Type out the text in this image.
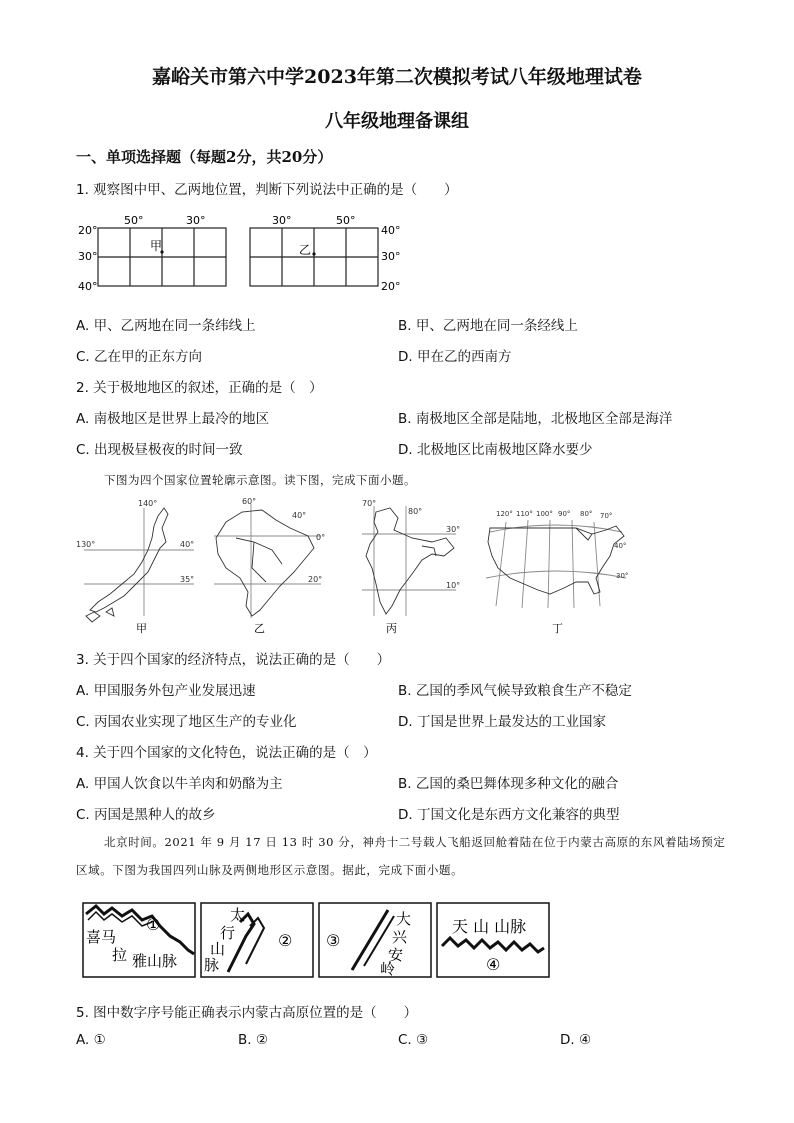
嘉峪关市第六中学2023年第二次模拟考试八年级地理试卷
八年级地理备课组
一、单项选择题（每题2分，共20分）
1. 观察图中甲、乙两地位置，判断下列说法中正确的是（　　）
50°	30°
20°
30°
40°
甲
30°	50°
40°
30°
20°
乙
A. 甲、乙两地在同一条纬线上	B. 甲、乙两地在同一条经线上
C. 乙在甲的正东方向	D. 甲在乙的西南方
2. 关于极地地区的叙述，正确的是（　）
A. 南极地区是世界上最冷的地区	B. 南极地区全部是陆地，北极地区全部是海洋
C. 出现极昼极夜的时间一致	D. 北极地区比南极地区降水要少
下图为四个国家位置轮廓示意图。读下图，完成下面小题。
140°
130°	40°
35°
60°
40°
0°
20°
70°
80°
30°
10°
120° 110° 100° 90° 80° 70°
40°
30°
甲	乙	丙	丁
3. 关于四个国家的经济特点，说法正确的是（　　）
A. 甲国服务外包产业发展迅速	B. 乙国的季风气候导致粮食生产不稳定
C. 丙国农业实现了地区生产的专业化	D. 丁国是世界上最发达的工业国家
4. 关于四个国家的文化特色，说法正确的是（　）
A. 甲国人饮食以牛羊肉和奶酪为主	B. 乙国的桑巴舞体现多种文化的融合
C. 丙国是黑种人的故乡	D. 丁国文化是东西方文化兼容的典型
北京时间。2021 年 9 月 17 日 13 时 30 分，神舟十二号载人飞船返回舱着陆在位于内蒙古高原的东风着陆场预定区域。下图为我国四列山脉及两侧地形区示意图。据此，完成下面小题。
①
喜马
拉 雅山脉
太
行
山
脉
② ③
大
兴
安
岭
天 山 山脉
④
5. 图中数字序号能正确表示内蒙古高原位置的是（　　）
A. ①	B. ②	C. ③	D. ④
